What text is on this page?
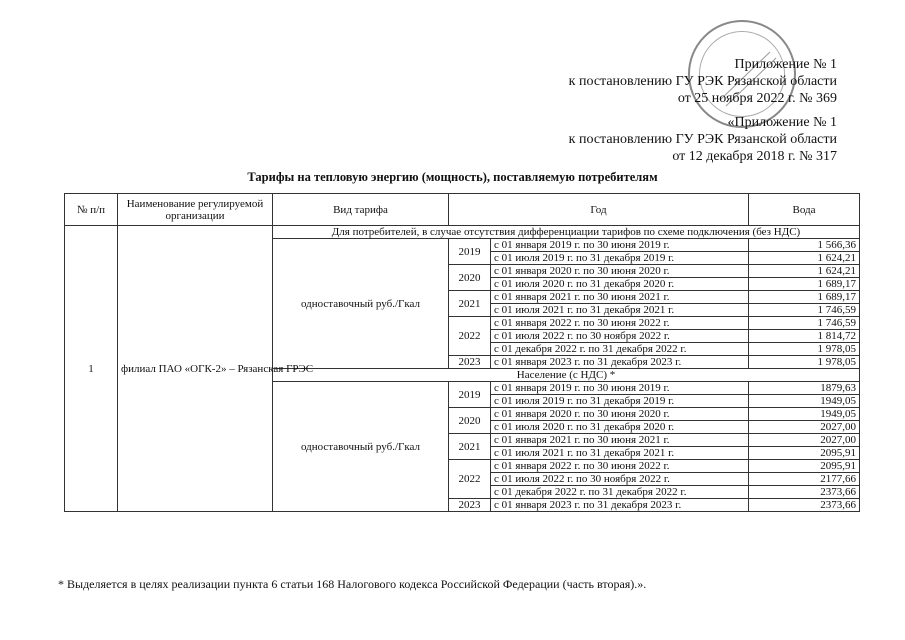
Приложение № 1
к постановлению ГУ РЭК Рязанской области
от 25 ноября 2022 г. № 369
«Приложение № 1
к постановлению ГУ РЭК Рязанской области
от 12 декабря 2018 г. № 317
Тарифы на тепловую энергию (мощность), поставляемую потребителям
№ п/п	Наименование регулируемой организации	Вид тарифа	Год		Вода
1	филиал ПАО «ОГК-2» – Рязанская ГРЭС	Для потребителей, в случае отсутствия дифференциации тарифов по схеме подключения (без НДС)			
		одноставочный руб./Гкал	2019	с 01 января 2019 г. по 30 июня 2019 г.	1 566,36
				с 01 июля 2019 г. по 31 декабря 2019 г.	1 624,21
			2020	с 01 января 2020 г. по 30 июня 2020 г.	1 624,21
				с 01 июля 2020 г. по 31 декабря 2020 г.	1 689,17
			2021	с 01 января 2021 г. по 30 июня 2021 г.	1 689,17
				с 01 июля 2021 г. по 31 декабря 2021 г.	1 746,59
			2022	с 01 января 2022 г. по 30 июня 2022 г.	1 746,59
				с 01 июля 2022 г. по 30 ноября 2022 г.	1 814,72
				с 01 декабря 2022 г. по 31 декабря 2022 г.	1 978,05
			2023	с 01 января 2023 г. по 31 декабря 2023 г.	1 978,05
		Население (с НДС) *			
		одноставочный руб./Гкал	2019	с 01 января 2019 г. по 30 июня 2019 г.	1879,63
				с 01 июля 2019 г. по 31 декабря 2019 г.	1949,05
			2020	с 01 января 2020 г. по 30 июня 2020 г.	1949,05
				с 01 июля 2020 г. по 31 декабря 2020 г.	2027,00
			2021	с 01 января 2021 г. по 30 июня 2021 г.	2027,00
				с 01 июля 2021 г. по 31 декабря 2021 г.	2095,91
			2022	с 01 января 2022 г. по 30 июня 2022 г.	2095,91
				с 01 июля 2022 г. по 30 ноября 2022 г.	2177,66
				с 01 декабря 2022 г. по 31 декабря 2022 г.	2373,66
			2023	с 01 января 2023 г. по 31 декабря 2023 г.	2373,66
* Выделяется в целях реализации пункта 6 статьи 168 Налогового кодекса Российской Федерации (часть вторая).».
